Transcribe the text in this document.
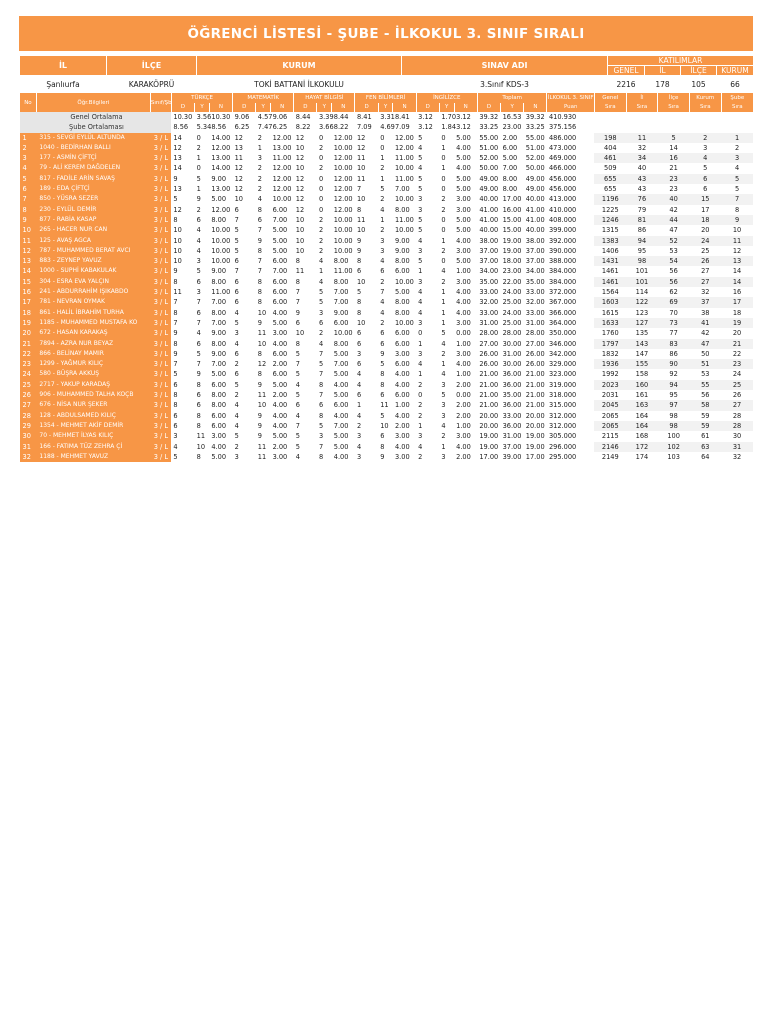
ÖĞRENCİ LİSTESİ - ŞUBE - İLKOKUL 3. SINIF SIRALI
İL	İLÇE	KURUM	SINAV ADI	KATILIMLAR			
				GENEL	İL	İLÇE	KURUM
Şanlıurfa	KARAKÖPRÜ	TOKİ BATTANİ İLKOKULU	3.Sınıf KDS-3	2216	178	105	66
No	Öğr.Bilgileri	Sınıf/Şb	TÜRKÇE			MATEMATİK			HAYAT BİLGİSİ			FEN BİLİMLERİ			İNGİLİZCE			Toplam			İLKOKUL 3. SINIF	Genel	İl	İlçe	Kurum	Şube
			D	Y	N	D	Y	N	D	Y	N	D	Y	N	D	Y	N	D	Y	N	Puan	Sıra	Sıra	Sıra	Sıra	Sıra
Genel Ortalama			10.30	3.56	10.30	9.06	4.57	9.06	8.44	3.39	8.44	8.41	3.31	8.41	3.12	1.70	3.12	39.32	16.53	39.32	410.930					
Şube Ortalaması			8.56	5.34	8.56	6.25	7.47	6.25	8.22	3.66	8.22	7.09	4.69	7.09	3.12	1.84	3.12	33.25	23.00	33.25	375.156					
1	315 - SEVGİ EYLÜL ALTUNDA	3 / L	14	0	14.00	12	2	12.00	12	0	12.00	12	0	12.00	5	0	5.00	55.00	2.00	55.00	486.000	198	11	5	2	1
2	1040 - BEDİRHAN BALLI	3 / L	12	2	12.00	13	1	13.00	10	2	10.00	12	0	12.00	4	1	4.00	51.00	6.00	51.00	473.000	404	32	14	3	2
3	177 - ASMİN ÇİFTÇİ	3 / L	13	1	13.00	11	3	11.00	12	0	12.00	11	1	11.00	5	0	5.00	52.00	5.00	52.00	469.000	461	34	16	4	3
4	79 - ALİ KEREM DAĞDELEN	3 / L	14	0	14.00	12	2	12.00	10	2	10.00	10	2	10.00	4	1	4.00	50.00	7.00	50.00	466.000	509	40	21	5	4
5	817 - FADİLE ARİN SAVAŞ	3 / L	9	5	9.00	12	2	12.00	12	0	12.00	11	1	11.00	5	0	5.00	49.00	8.00	49.00	456.000	655	43	23	6	5
6	189 - EDA ÇİFTÇİ	3 / L	13	1	13.00	12	2	12.00	12	0	12.00	7	5	7.00	5	0	5.00	49.00	8.00	49.00	456.000	655	43	23	6	5
7	850 - YÜSRA SEZER	3 / L	5	9	5.00	10	4	10.00	12	0	12.00	10	2	10.00	3	2	3.00	40.00	17.00	40.00	413.000	1196	76	40	15	7
8	230 - EYLÜL DEMİR	3 / L	12	2	12.00	6	8	6.00	12	0	12.00	8	4	8.00	3	2	3.00	41.00	16.00	41.00	410.000	1225	79	42	17	8
9	877 - RABİA KASAP	3 / L	8	6	8.00	7	6	7.00	10	2	10.00	11	1	11.00	5	0	5.00	41.00	15.00	41.00	408.000	1246	81	44	18	9
10	265 - HACER NUR CAN	3 / L	10	4	10.00	5	7	5.00	10	2	10.00	10	2	10.00	5	0	5.00	40.00	15.00	40.00	399.000	1315	86	47	20	10
11	125 - AVAŞ AGCA	3 / L	10	4	10.00	5	9	5.00	10	2	10.00	9	3	9.00	4	1	4.00	38.00	19.00	38.00	392.000	1383	94	52	24	11
12	787 - MUHAMMED BERAT AVCI	3 / L	10	4	10.00	5	8	5.00	10	2	10.00	9	3	9.00	3	2	3.00	37.00	19.00	37.00	390.000	1406	95	53	25	12
13	883 - ZEYNEP YAVUZ	3 / L	10	3	10.00	6	7	6.00	8	4	8.00	8	4	8.00	5	0	5.00	37.00	18.00	37.00	388.000	1431	98	54	26	13
14	1000 - SUPHİ KABAKULAK	3 / L	9	5	9.00	7	7	7.00	11	1	11.00	6	6	6.00	1	4	1.00	34.00	23.00	34.00	384.000	1461	101	56	27	14
15	304 - ESRA EVA YALÇIN	3 / L	8	6	8.00	6	8	6.00	8	4	8.00	10	2	10.00	3	2	3.00	35.00	22.00	35.00	384.000	1461	101	56	27	14
16	241 - ABDURRAHİM IŞIKABDO	3 / L	11	3	11.00	6	8	6.00	7	5	7.00	5	7	5.00	4	1	4.00	33.00	24.00	33.00	372.000	1564	114	62	32	16
17	781 - NEVRAN OYMAK	3 / L	7	7	7.00	6	8	6.00	7	5	7.00	8	4	8.00	4	1	4.00	32.00	25.00	32.00	367.000	1603	122	69	37	17
18	861 - HALİL İBRAHİM TURHA	3 / L	8	6	8.00	4	10	4.00	9	3	9.00	8	4	8.00	4	1	4.00	33.00	24.00	33.00	366.000	1615	123	70	38	18
19	1185 - MUHAMMED MUSTAFA KO	3 / L	7	7	7.00	5	9	5.00	6	6	6.00	10	2	10.00	3	1	3.00	31.00	25.00	31.00	364.000	1633	127	73	41	19
20	672 - HASAN KARAKAŞ	3 / L	9	4	9.00	3	11	3.00	10	2	10.00	6	6	6.00	0	5	0.00	28.00	28.00	28.00	350.000	1760	135	77	42	20
21	7894 - AZRA NUR BEYAZ	3 / L	8	6	8.00	4	10	4.00	8	4	8.00	6	6	6.00	1	4	1.00	27.00	30.00	27.00	346.000	1797	143	83	47	21
22	866 - BELİNAY MAMIR	3 / L	9	5	9.00	6	8	6.00	5	7	5.00	3	9	3.00	3	2	3.00	26.00	31.00	26.00	342.000	1832	147	86	50	22
23	1299 - YAĞMUR KILIÇ	3 / L	7	7	7.00	2	12	2.00	7	5	7.00	6	5	6.00	4	1	4.00	26.00	30.00	26.00	329.000	1936	155	90	51	23
24	580 - BÜŞRA AKKUŞ	3 / L	5	9	5.00	6	8	6.00	5	7	5.00	4	8	4.00	1	4	1.00	21.00	36.00	21.00	323.000	1992	158	92	53	24
25	2717 - YAKUP KARADAŞ	3 / L	6	8	6.00	5	9	5.00	4	8	4.00	4	8	4.00	2	3	2.00	21.00	36.00	21.00	319.000	2023	160	94	55	25
26	906 - MUHAMMED TALHA KOÇB	3 / L	8	6	8.00	2	11	2.00	5	7	5.00	6	6	6.00	0	5	0.00	21.00	35.00	21.00	318.000	2031	161	95	56	26
27	676 - NİSA NUR ŞEKER	3 / L	8	6	8.00	4	10	4.00	6	6	6.00	1	11	1.00	2	3	2.00	21.00	36.00	21.00	315.000	2045	163	97	58	27
28	128 - ABDULSAMED KILIÇ	3 / L	6	8	6.00	4	9	4.00	4	8	4.00	4	5	4.00	2	3	2.00	20.00	33.00	20.00	312.000	2065	164	98	59	28
29	1354 - MEHMET AKİF DEMİR	3 / L	6	8	6.00	4	9	4.00	7	5	7.00	2	10	2.00	1	4	1.00	20.00	36.00	20.00	312.000	2065	164	98	59	28
30	70 - MEHMET İLYAS KILIÇ	3 / L	3	11	3.00	5	9	5.00	5	3	5.00	3	6	3.00	3	2	3.00	19.00	31.00	19.00	305.000	2115	168	100	61	30
31	166 - FATIMA TÜZ ZEHRA Çİ	3 / L	4	10	4.00	2	11	2.00	5	7	5.00	4	8	4.00	4	1	4.00	19.00	37.00	19.00	296.000	2146	172	102	63	31
32	1188 - MEHMET YAVUZ	3 / L	5	8	5.00	3	11	3.00	4	8	4.00	3	9	3.00	2	3	2.00	17.00	39.00	17.00	295.000	2149	174	103	64	32
